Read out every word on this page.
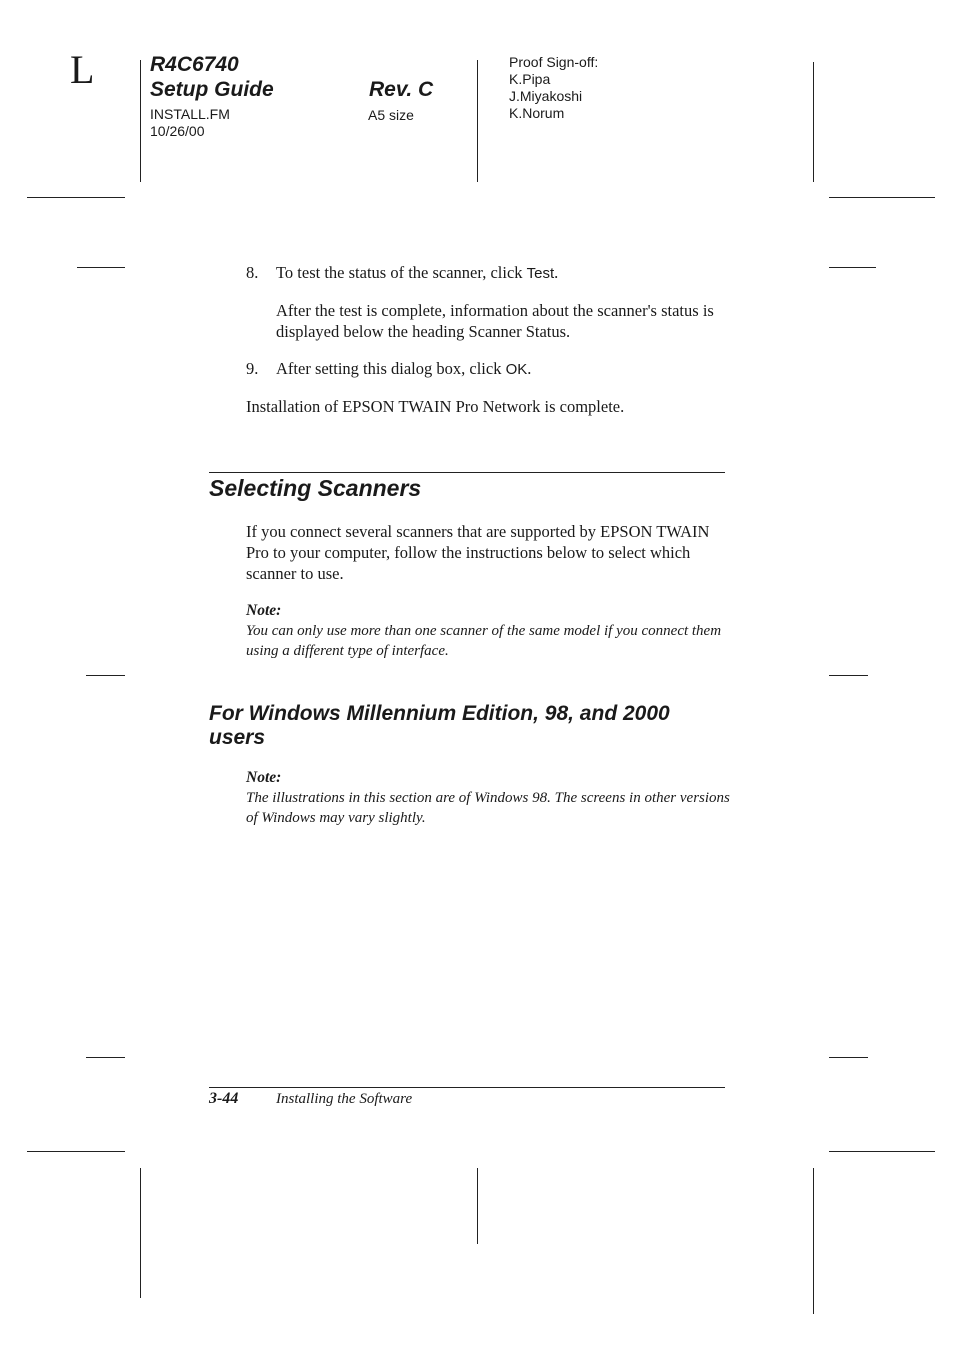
L	R4C6740
Setup Guide	Rev. C
INSTALL.FM
10/26/00
A5 size
Proof Sign-off:
K.Pipa
J.Miyakoshi
K.Norum
8. To test the status of the scanner, click Test.
After the test is complete, information about the scanner's status is displayed below the heading Scanner Status.
9. After setting this dialog box, click OK.
Installation of EPSON TWAIN Pro Network is complete.
Selecting Scanners
If you connect several scanners that are supported by EPSON TWAIN Pro to your computer, follow the instructions below to select which scanner to use.
Note:
You can only use more than one scanner of the same model if you connect them using a different type of interface.
For Windows Millennium Edition, 98, and 2000 users
Note:
The illustrations in this section are of Windows 98. The screens in other versions of Windows may vary slightly.
3-44	Installing the Software
